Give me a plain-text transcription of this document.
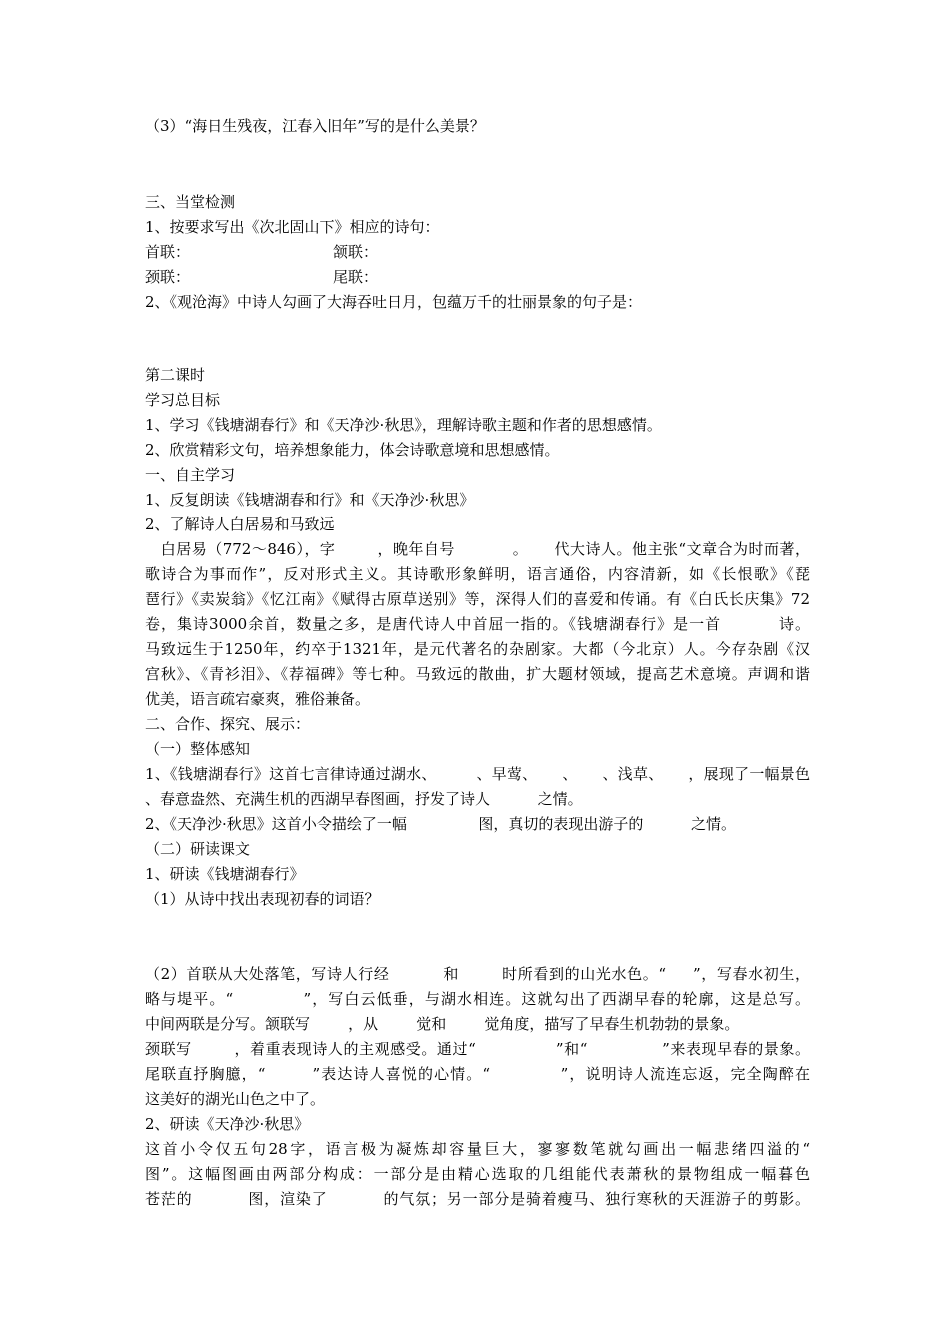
（3）“海日生残夜，江春入旧年”写的是什么美景？
三、当堂检测
1、按要求写出《次北固山下》相应的诗句：
首联：                              颔联：
颈联：                              尾联：
2、《观沧海》中诗人勾画了大海吞吐日月，包蕴万千的壮丽景象的句子是：
第二课时
学习总目标
1、学习《钱塘湖春行》和《天净沙·秋思》，理解诗歌主题和作者的思想感情。
2、欣赏精彩文句，培养想象能力，体会诗歌意境和思想感情。
一、自主学习
1、反复朗读《钱塘湖春和行》和《天净沙·秋思》
2、了解诗人白居易和马致远
白居易（772～846），字        ，晚年自号           。     代大诗人。他主张“文章合为时而著，
歌诗合为事而作”，反对形式主义。其诗歌形象鲜明，语言通俗，内容清新，如《长恨歌》《琵
琶行》《卖炭翁》《忆江南》《赋得古原草送别》等，深得人们的喜爱和传诵。有《白氏长庆集》72
卷，集诗3000余首，数量之多，是唐代诗人中首屈一指的。《钱塘湖春行》是一首          诗。
马致远生于1250年，约卒于1321年，是元代著名的杂剧家。大都（今北京）人。今存杂剧《汉
宫秋》、《青衫泪》、《荐福碑》等七种。马致远的散曲，扩大题材领域，提高艺术意境。声调和谐
优美，语言疏宕豪爽，雅俗兼备。
二、合作、探究、展示：
（一）整体感知
1、《钱塘湖春行》这首七言律诗通过湖水、        、早莺、     、     、浅草、     ，展现了一幅景色
、春意盎然、充满生机的西湖早春图画，抒发了诗人          之情。
2、《天净沙·秋思》这首小令描绘了一幅               图，真切的表现出游子的          之情。
（二）研读课文
1、研读《钱塘湖春行》
（1）从诗中找出表现初春的词语？
（2）首联从大处落笔，写诗人行经          和        时所看到的山光水色。“     ”，写春水初生，
略与堤平。“            ”，写白云低垂，与湖水相连。这就勾出了西湖早春的轮廓，这是总写。
中间两联是分写。颔联写        ，从        觉和        觉角度，描写了早春生机勃勃的景象。
颈联写        ，着重表现诗人的主观感受。通过“               ”和“              ”来表现早春的景象。
尾联直抒胸臆，“        ”表达诗人喜悦的心情。“            ”，说明诗人流连忘返，完全陶醉在
这美好的湖光山色之中了。
2、研读《天净沙·秋思》
这首小令仅五句28字，语言极为凝炼却容量巨大，寥寥数笔就勾画出一幅悲绪四溢的“
图”。这幅图画由两部分构成：一部分是由精心选取的几组能代表萧秋的景物组成一幅暮色
苍茫的          图，渲染了          的气氛；另一部分是骑着瘦马、独行寒秋的天涯游子的剪影。
